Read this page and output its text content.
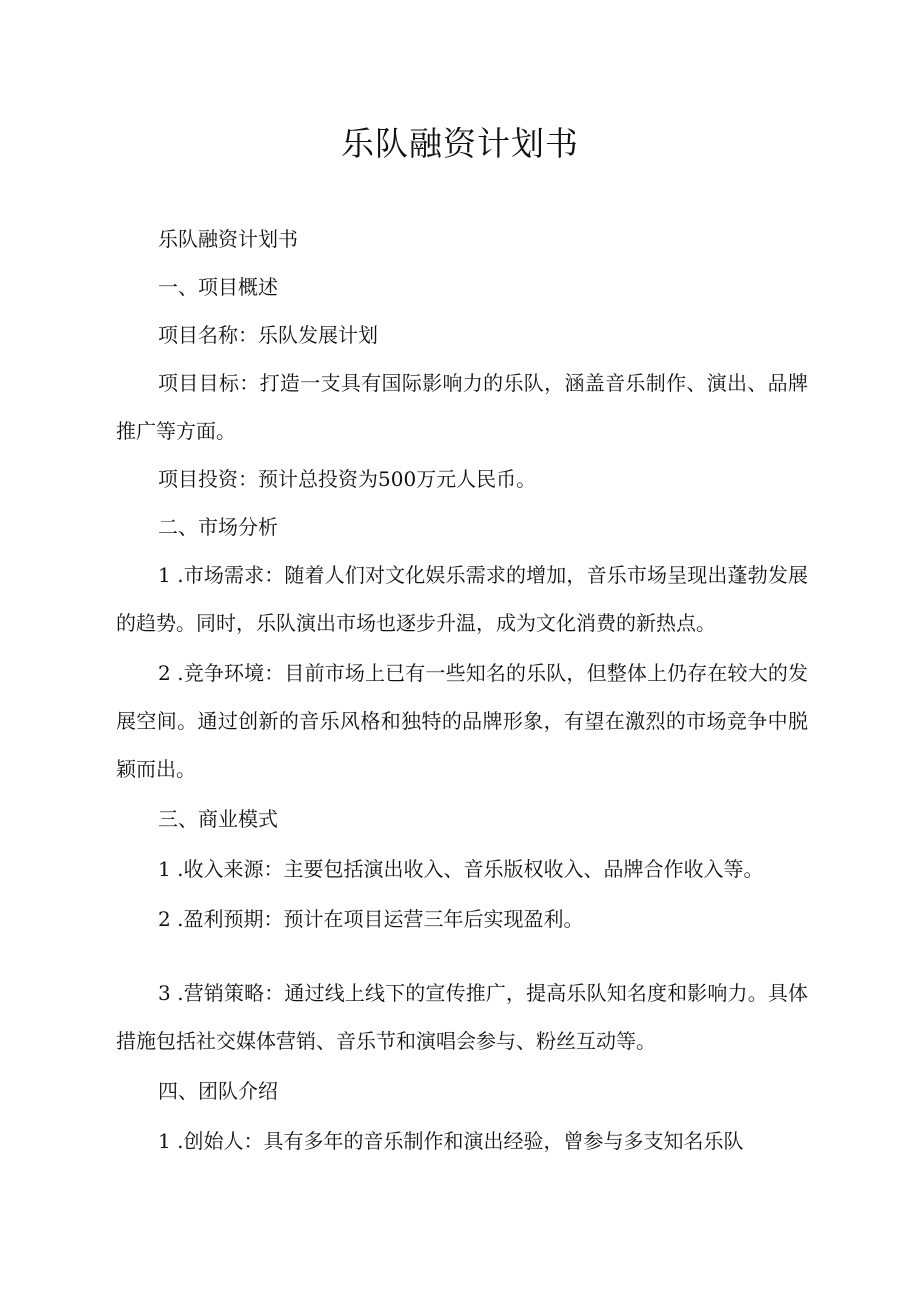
乐队融资计划书

乐队融资计划书

一、项目概述

项目名称：乐队发展计划

项目目标：打造一支具有国际影响力的乐队，涵盖音乐制作、演出、品牌推广等方面。

项目投资：预计总投资为500万元人民币。

二、市场分析

1 .市场需求：随着人们对文化娱乐需求的增加，音乐市场呈现出蓬勃发展的趋势。同时，乐队演出市场也逐步升温，成为文化消费的新热点。

2 .竞争环境：目前市场上已有一些知名的乐队，但整体上仍存在较大的发展空间。通过创新的音乐风格和独特的品牌形象，有望在激烈的市场竞争中脱颖而出。

三、商业模式

1 .收入来源：主要包括演出收入、音乐版权收入、品牌合作收入等。

2 .盈利预期：预计在项目运营三年后实现盈利。

3 .营销策略：通过线上线下的宣传推广，提高乐队知名度和影响力。具体措施包括社交媒体营销、音乐节和演唱会参与、粉丝互动等。

四、团队介绍

1 .创始人：具有多年的音乐制作和演出经验，曾参与多支知名乐队
